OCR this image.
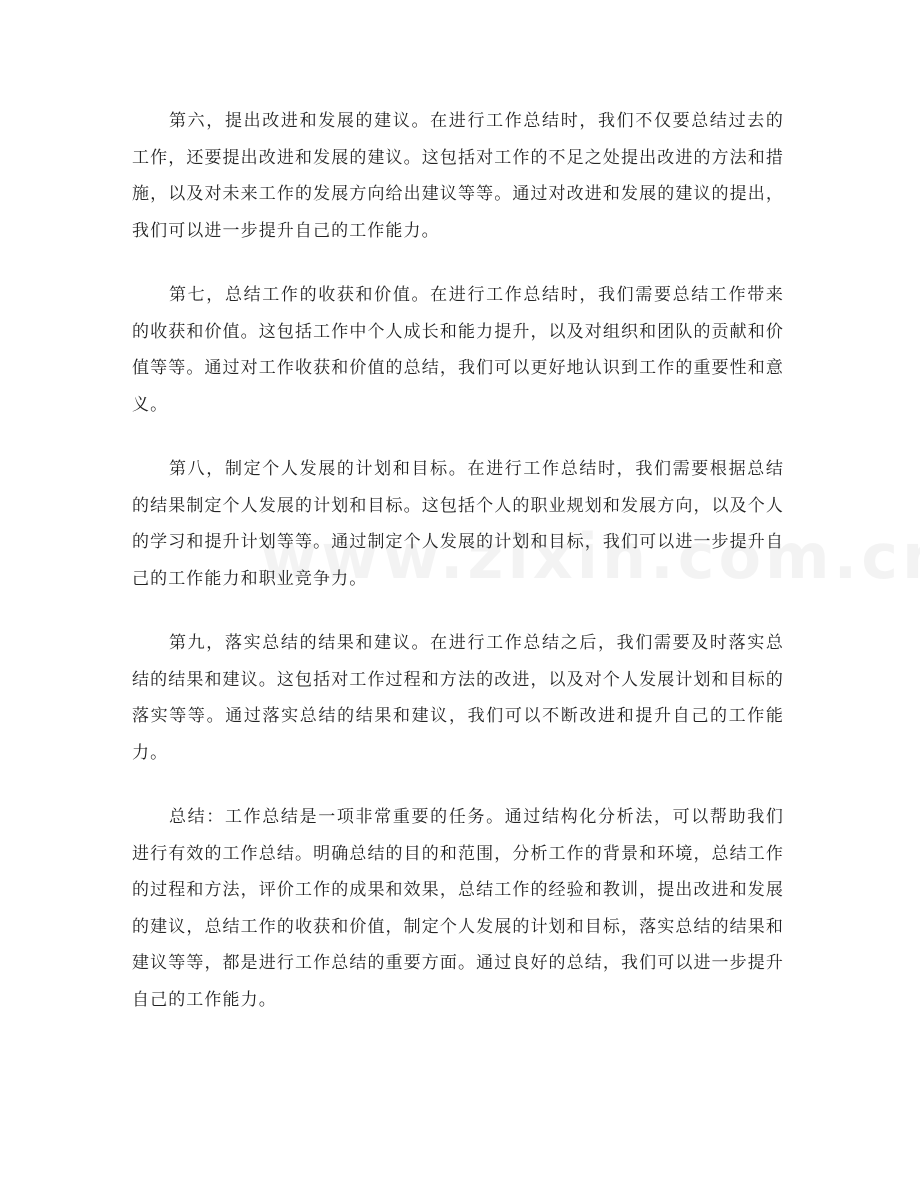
第六，提出改进和发展的建议。在进行工作总结时，我们不仅要总结过去的工作，还要提出改进和发展的建议。这包括对工作的不足之处提出改进的方法和措施，以及对未来工作的发展方向给出建议等等。通过对改进和发展的建议的提出，我们可以进一步提升自己的工作能力。

第七，总结工作的收获和价值。在进行工作总结时，我们需要总结工作带来的收获和价值。这包括工作中个人成长和能力提升，以及对组织和团队的贡献和价值等等。通过对工作收获和价值的总结，我们可以更好地认识到工作的重要性和意义。

第八，制定个人发展的计划和目标。在进行工作总结时，我们需要根据总结的结果制定个人发展的计划和目标。这包括个人的职业规划和发展方向，以及个人的学习和提升计划等等。通过制定个人发展的计划和目标，我们可以进一步提升自己的工作能力和职业竞争力。

第九，落实总结的结果和建议。在进行工作总结之后，我们需要及时落实总结的结果和建议。这包括对工作过程和方法的改进，以及对个人发展计划和目标的落实等等。通过落实总结的结果和建议，我们可以不断改进和提升自己的工作能力。

总结：工作总结是一项非常重要的任务。通过结构化分析法，可以帮助我们进行有效的工作总结。明确总结的目的和范围，分析工作的背景和环境，总结工作的过程和方法，评价工作的成果和效果，总结工作的经验和教训，提出改进和发展的建议，总结工作的收获和价值，制定个人发展的计划和目标，落实总结的结果和建议等等，都是进行工作总结的重要方面。通过良好的总结，我们可以进一步提升自己的工作能力。
